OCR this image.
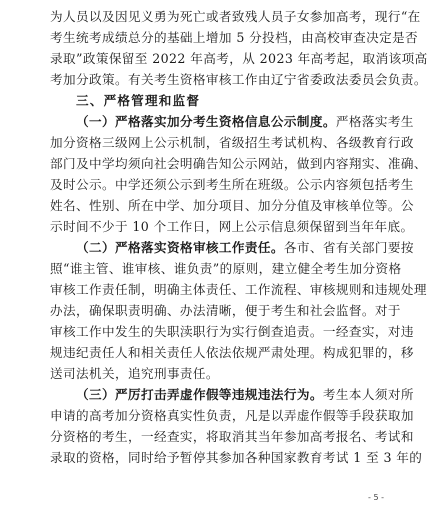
为人员以及因见义勇为死亡或者致残人员子女参加高考，现行“在
考生统考成绩总分的基础上增加 5 分投档，由高校审查决定是否
录取”政策保留至 2022 年高考，从 2023 年高考起，取消该项高
考加分政策。有关考生资格审核工作由辽宁省委政法委员会负责。
三、严格管理和监督
（一）严格落实加分考生资格信息公示制度。严格落实考生
加分资格三级网上公示机制，省级招生考试机构、各级教育行政
部门及中学均须向社会明确告知公示网站，做到内容翔实、准确、
及时公示。中学还须公示到考生所在班级。公示内容须包括考生
姓名、性别、所在中学、加分项目、加分分值及审核单位等。公
示时间不少于 10 个工作日，网上公示信息须保留到当年年底。
（二）严格落实资格审核工作责任。各市、省有关部门要按
照“谁主管、谁审核、谁负责”的原则，建立健全考生加分资格
审核工作责任制，明确主体责任、工作流程、审核规则和违规处理
办法，确保职责明确、办法清晰，便于考生和社会监督。对于
审核工作中发生的失职渎职行为实行倒查追责。一经查实，对违
规违纪责任人和相关责任人依法依规严肃处理。构成犯罪的，移
送司法机关，追究刑事责任。
（三）严厉打击弄虚作假等违规违法行为。考生本人须对所
申请的高考加分资格真实性负责，凡是以弄虚作假等手段获取加
分资格的考生，一经查实，将取消其当年参加高考报名、考试和
录取的资格，同时给予暂停其参加各种国家教育考试 1 至 3 年的
- 5 -
